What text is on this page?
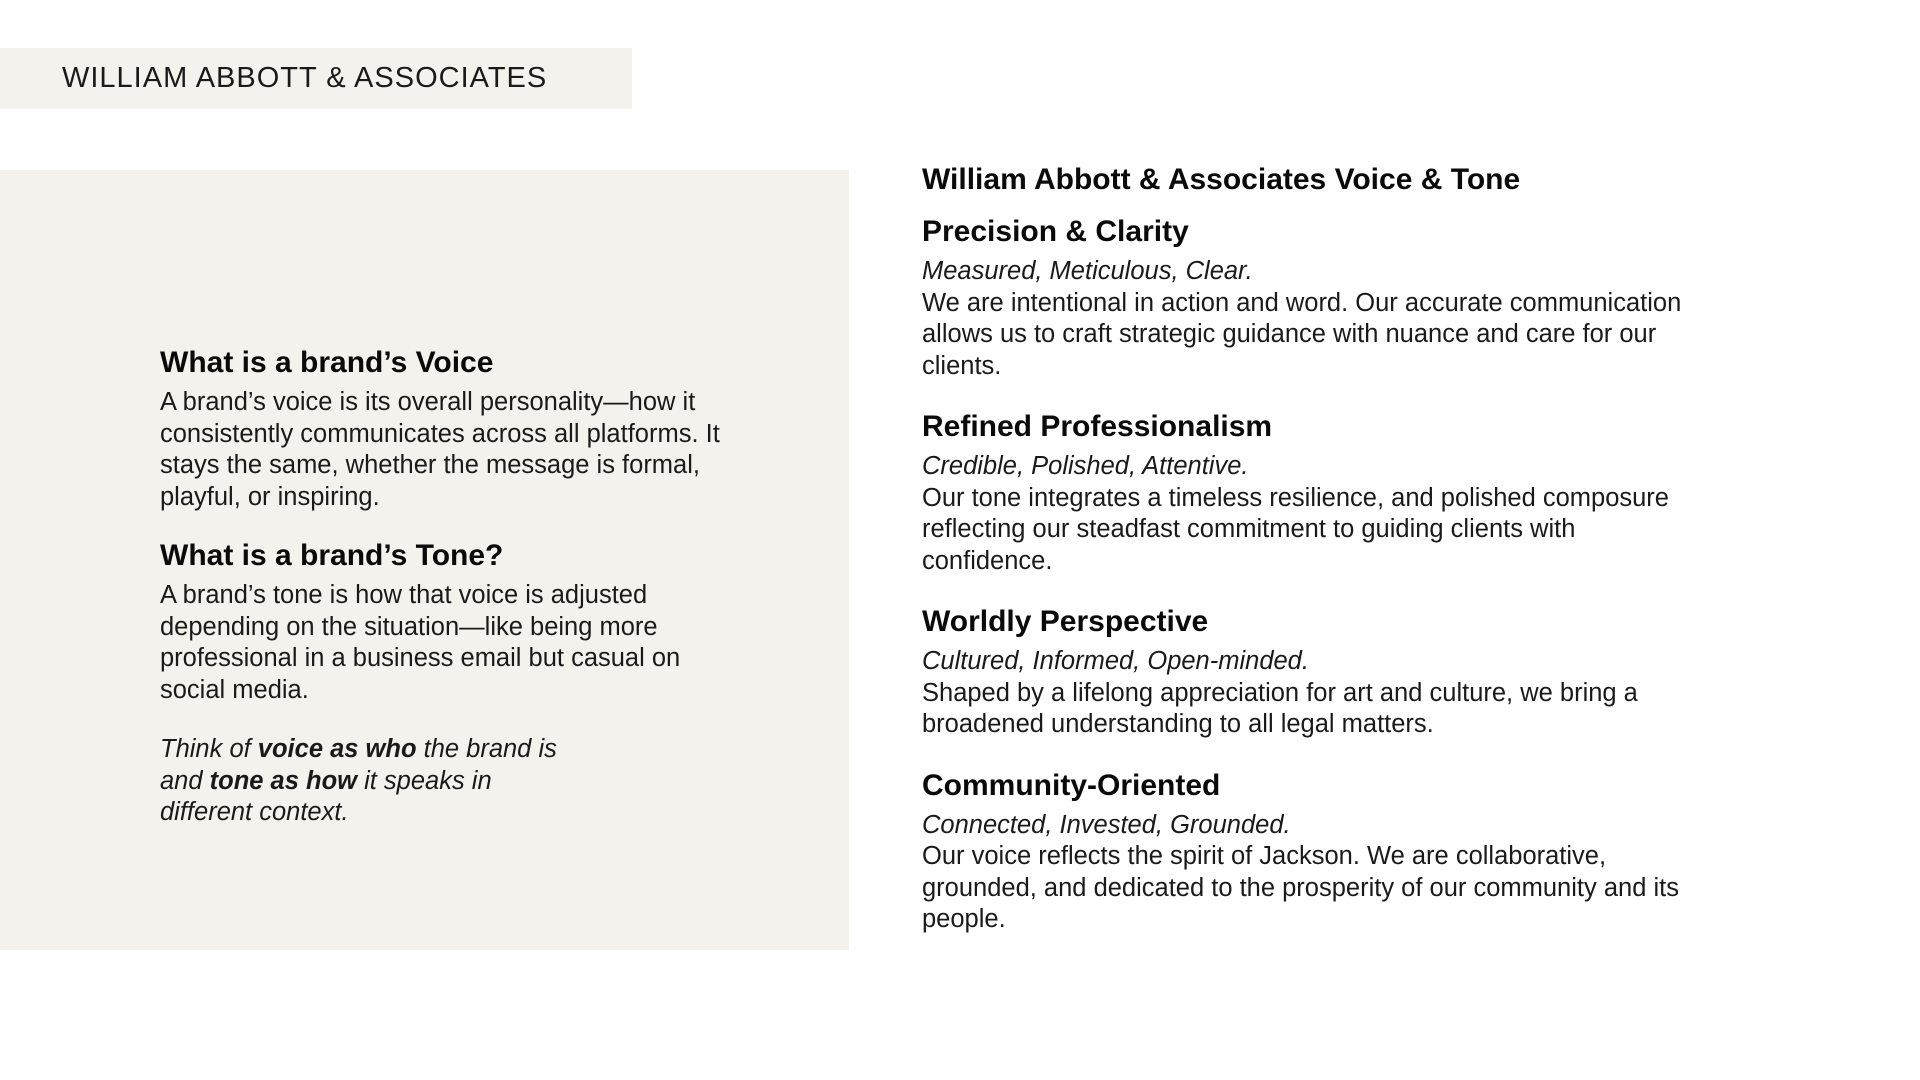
WILLIAM ABBOTT & ASSOCIATES
What is a brand’s Voice

A brand’s voice is its overall personality—how it consistently communicates across all platforms. It stays the same, whether the message is formal, playful, or inspiring.

What is a brand’s Tone?

A brand’s tone is how that voice is adjusted depending on the situation—like being more professional in a business email but casual on social media.

Think of voice as who the brand is and tone as how it speaks in different context.
William Abbott & Associates Voice & Tone
Precision & Clarity

Measured, Meticulous, Clear.

We are intentional in action and word. Our accurate communication allows us to craft strategic guidance with nuance and care for our clients.

Refined Professionalism

Credible, Polished, Attentive.

Our tone integrates a timeless resilience, and polished composure reflecting our steadfast commitment to guiding clients with confidence.

Worldly Perspective

Cultured, Informed, Open-minded.

Shaped by a lifelong appreciation for art and culture, we bring a broadened understanding to all legal matters.

Community-Oriented

Connected, Invested, Grounded.

Our voice reflects the spirit of Jackson. We are collaborative, grounded, and dedicated to the prosperity of our community and its people.
